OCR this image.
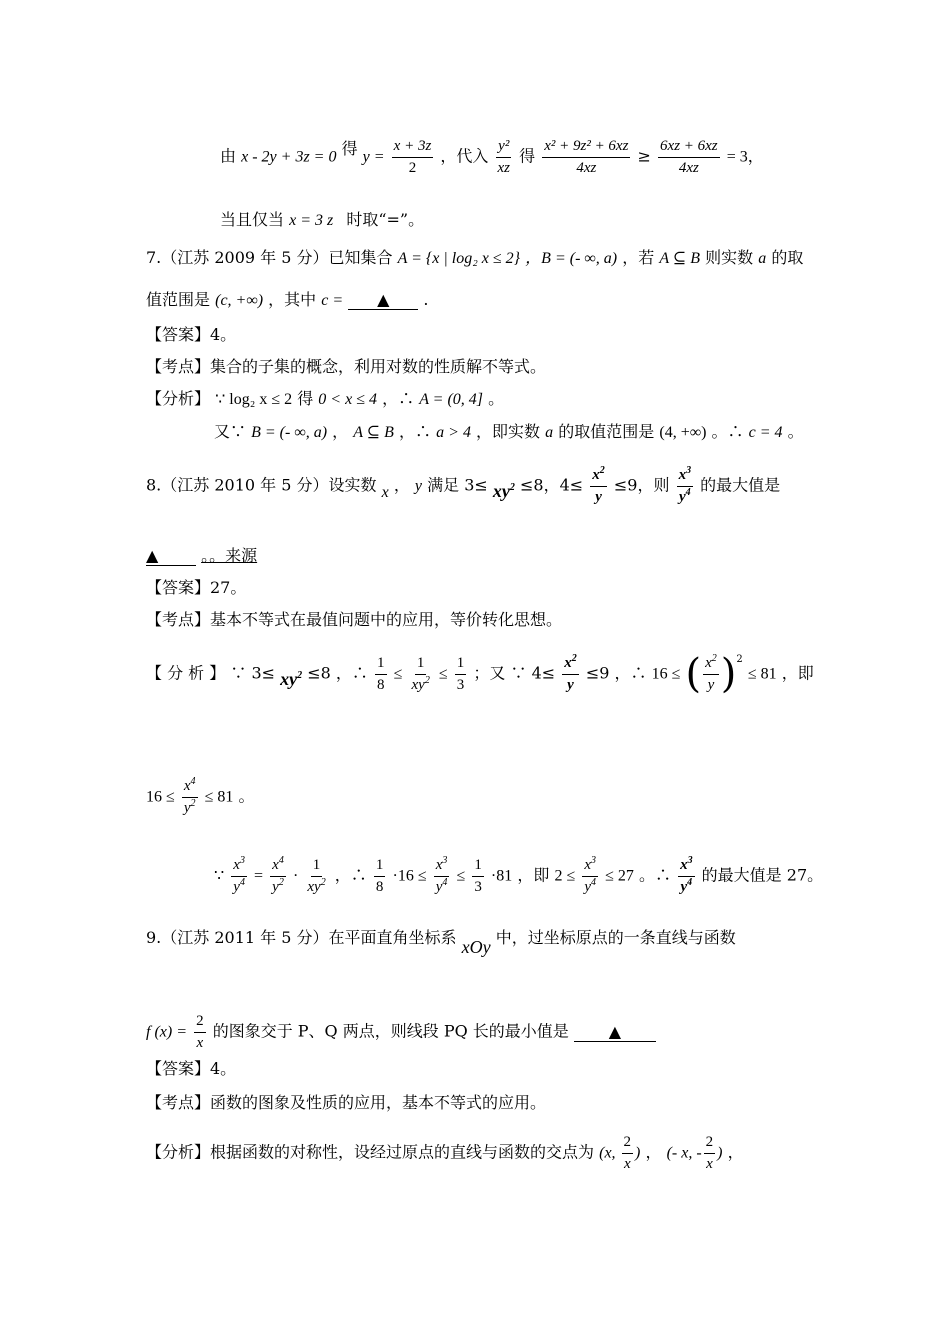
由 x - 2y + 3z = 0 得 $y = \frac{x + 3z}{2}$ ，代入 $\frac{\text{y²}}{xz}$ 得 $\frac{\text{x² + 9z² + 6xz}}{4xz} \ge \frac{6xz + 6xz}{4xz} = 3$，
当且仅当 x = 3 z 时取“=”。
7.（江苏 2009 年 5 分）已知集合 A = {x | log₂ x ≤ 2} ，B = (- ∞, a) ，若 A ⊆ B 则实数 a 的取
值范围是 (c, +∞) ，其中 c = ▲ .
【答案】4。
【考点】集合的子集的概念，利用对数的性质解不等式。
【分析】 ∵ log₂ x ≤ 2 得 0 < x ≤ 4 ，∴ A = (0, 4] 。
又∵ B = (- ∞, a) ， A ⊆ B ，∴ a > 4 ，即实数 a 的取值范围是 (4, +∞) 。∴ c = 4 。
8.（江苏 2010 年 5 分）设实数 x ， y 满足 $3\le xy^2 \le 8$，$4\le \frac{x^2}{y} \le 9$，则 $\frac{x^3}{y^4}$ 的最大值是
▲	。。来源
【答案】27。
【考点】基本不等式在最值问题中的应用，等价转化思想。
【 分 析 】 ∵ $3\le xy^2 \le 8$ ，∴ $\frac{1}{8} \le \frac{1}{xy^2} \le \frac{1}{3}$ ；又 ∵ $4\le \frac{x^2}{y} \le 9$ ，∴ 16 ≤ ( $\frac{x^2}{y} )^2 \le 81$ ，即
$16 \le \frac{x^4}{y^2} \le 81$ 。
∵ $\frac{x^3}{y^4} = \frac{x^4}{y^2} \cdot \frac{1}{xy^2}$ ，∴ $\frac{1}{8} \cdot 16 \le \frac{x^3}{y^4} \le \frac{1}{3} \cdot 81$ ，即 $2 \le \frac{x^3}{y^4} \le 27$ 。∴ $\frac{x^3}{y^4}$ 的最大值是 27。
9.（江苏 2011 年 5 分）在平面直角坐标系 xOy 中，过坐标原点的一条直线与函数
f $(x) = \frac{2}{x}$ 的图象交于 P、Q 两点，则线段 PQ 长的最小值是 ▲
【答案】4。
【考点】函数的图象及性质的应用，基本不等式的应用。
【分析】根据函数的对称性，设经过原点的直线与函数的交点为 (x, $\frac{2}{x}$ ) ， (- x, - $\frac{2}{x}$ ) ，
